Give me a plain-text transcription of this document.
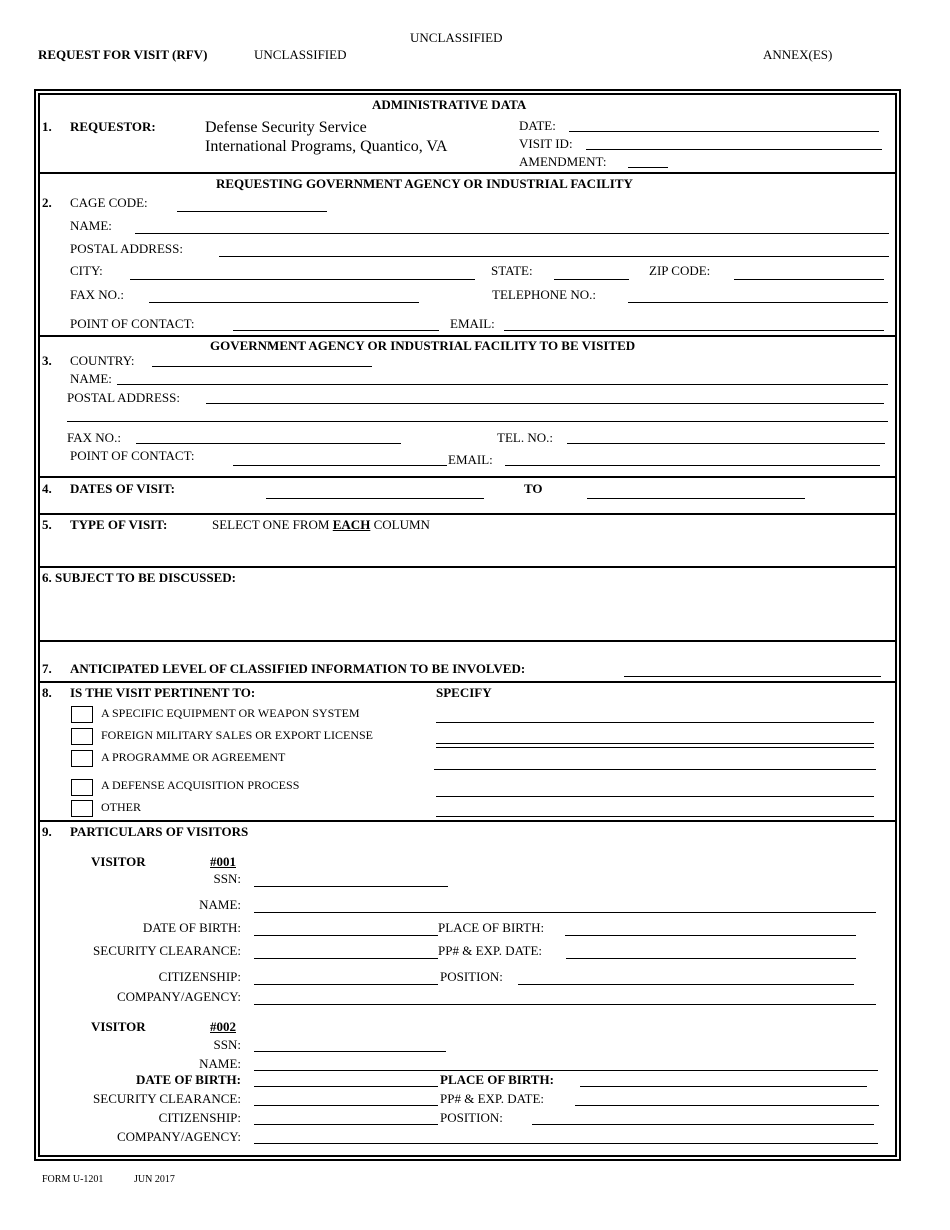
UNCLASSIFIED
REQUEST FOR VISIT (RFV)	UNCLASSIFIED	ANNEX(ES)
ADMINISTRATIVE DATA
1. REQUESTOR:	Defense Security Service
International Programs, Quantico, VA
DATE:
VISIT ID:
AMENDMENT:
REQUESTING GOVERNMENT AGENCY OR INDUSTRIAL FACILITY
2. CAGE CODE:
NAME:
POSTAL ADDRESS:
CITY:	STATE:	ZIP CODE:
FAX NO.:	TELEPHONE NO.:
POINT OF CONTACT:	EMAIL:
GOVERNMENT AGENCY OR INDUSTRIAL FACILITY TO BE VISITED
3. COUNTRY:
NAME:
POSTAL ADDRESS:
FAX NO.:	TEL. NO.:
POINT OF CONTACT:	EMAIL:
4. DATES OF VISIT:	TO
5. TYPE OF VISIT:	SELECT ONE FROM EACH COLUMN
6. SUBJECT TO BE DISCUSSED:
7. ANTICIPATED LEVEL OF CLASSIFIED INFORMATION TO BE INVOLVED:
8. IS THE VISIT PERTINENT TO:	SPECIFY
A SPECIFIC EQUIPMENT OR WEAPON SYSTEM
FOREIGN MILITARY SALES OR EXPORT LICENSE
A PROGRAMME OR AGREEMENT
A DEFENSE ACQUISITION PROCESS
OTHER
9. PARTICULARS OF VISITORS
VISITOR	#001
SSN:
NAME:
DATE OF BIRTH:	PLACE OF BIRTH:
SECURITY CLEARANCE:	PP# & EXP. DATE:
CITIZENSHIP:	POSITION:
COMPANY/AGENCY:
VISITOR	#002
SSN:
NAME:
DATE OF BIRTH:	PLACE OF BIRTH:
SECURITY CLEARANCE:	PP# & EXP. DATE:
CITIZENSHIP:	POSITION:
COMPANY/AGENCY:
FORM U-1201	JUN 2017
